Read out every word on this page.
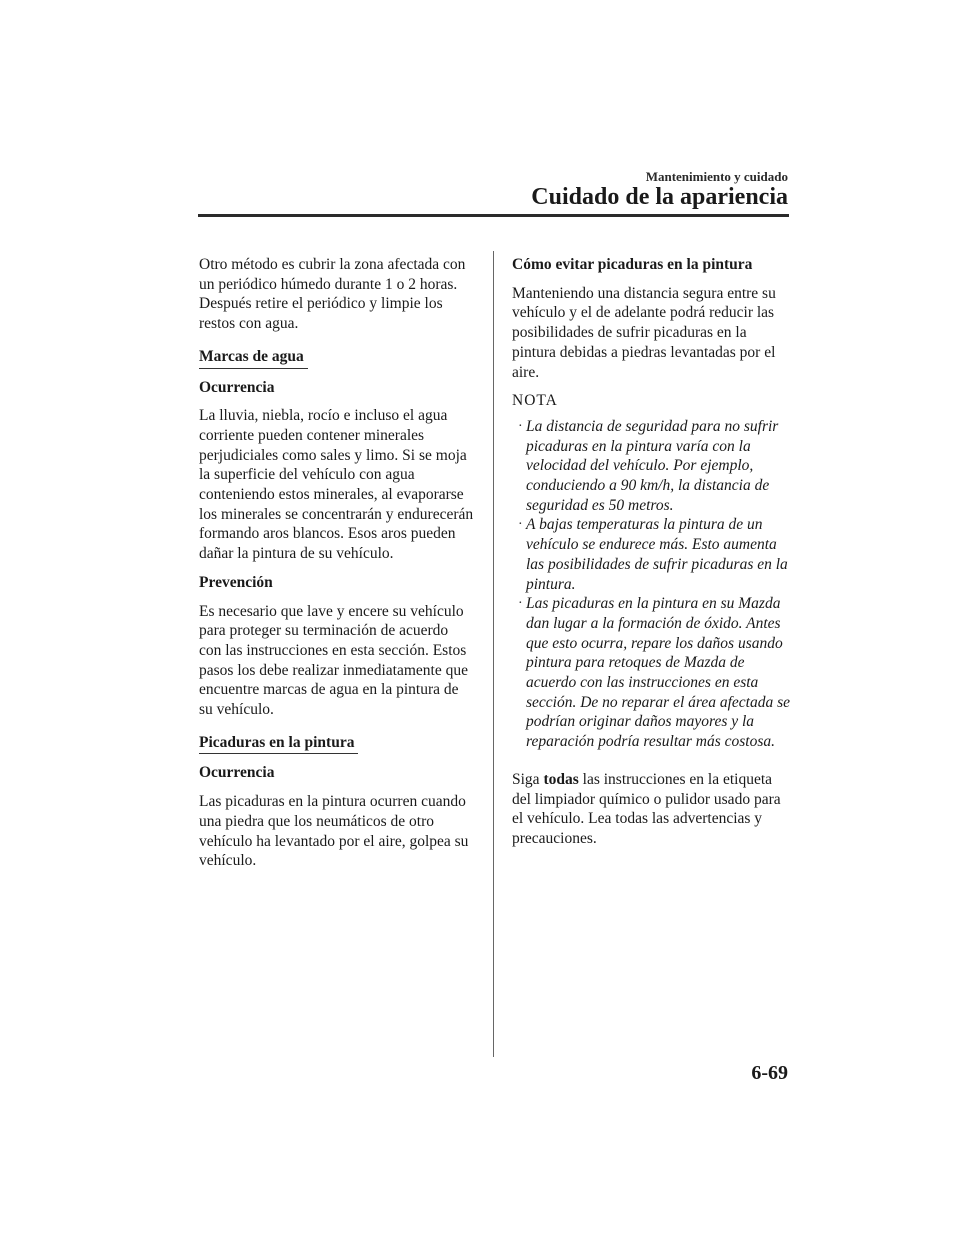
Mantenimiento y cuidado
Cuidado de la apariencia

Otro método es cubrir la zona afectada con un periódico húmedo durante 1 o 2 horas. Después retire el periódico y limpie los restos con agua.

Marcas de agua
Ocurrencia

La lluvia, niebla, rocío e incluso el agua corriente pueden contener minerales perjudiciales como sales y limo. Si se moja la superficie del vehículo con agua conteniendo estos minerales, al evaporarse los minerales se concentrarán y endurecerán formando aros blancos. Esos aros pueden dañar la pintura de su vehículo.

Prevención

Es necesario que lave y encere su vehículo para proteger su terminación de acuerdo con las instrucciones en esta sección. Estos pasos los debe realizar inmediatamente que encuentre marcas de agua en la pintura de su vehículo.

Picaduras en la pintura
Ocurrencia

Las picaduras en la pintura ocurren cuando una piedra que los neumáticos de otro vehículo ha levantado por el aire, golpea su vehículo.

Cómo evitar picaduras en la pintura

Manteniendo una distancia segura entre su vehículo y el de adelante podrá reducir las posibilidades de sufrir picaduras en la pintura debidas a piedras levantadas por el aire.

NOTA
· La distancia de seguridad para no sufrir picaduras en la pintura varía con la velocidad del vehículo. Por ejemplo, conduciendo a 90 km/h, la distancia de seguridad es 50 metros.
· A bajas temperaturas la pintura de un vehículo se endurece más. Esto aumenta las posibilidades de sufrir picaduras en la pintura.
· Las picaduras en la pintura en su Mazda dan lugar a la formación de óxido. Antes que esto ocurra, repare los daños usando pintura para retoques de Mazda de acuerdo con las instrucciones en esta sección. De no reparar el área afectada se podrían originar daños mayores y la reparación podría resultar más costosa.

Siga todas las instrucciones en la etiqueta del limpiador químico o pulidor usado para el vehículo. Lea todas las advertencias y precauciones.

6-69
